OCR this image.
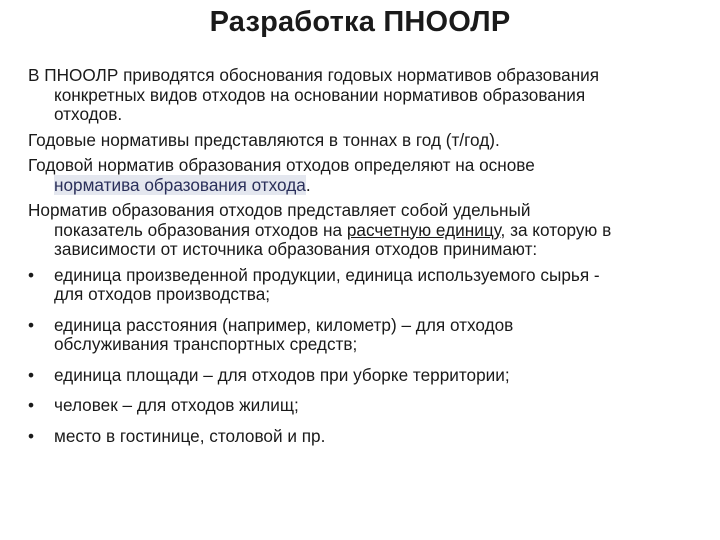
Разработка ПНООЛР
В ПНООЛР приводятся обоснования годовых нормативов образования
конкретных видов отходов на основании нормативов образования
отходов.
Годовые нормативы представляются в тоннах в год (т/год).
Годовой норматив образования отходов определяют на основе
норматива образования отхода.
Норматив образования отходов представляет собой удельный
показатель образования отходов на расчетную единицу, за которую в
зависимости от источника образования отходов принимают:
•	единица произведенной продукции, единица используемого сырья -
для отходов производства;
•	единица расстояния (например, километр) – для отходов
обслуживания транспортных средств;
•	единица площади – для отходов при уборке территории;
•	человек – для отходов жилищ;
•	место в гостинице, столовой и пр.
